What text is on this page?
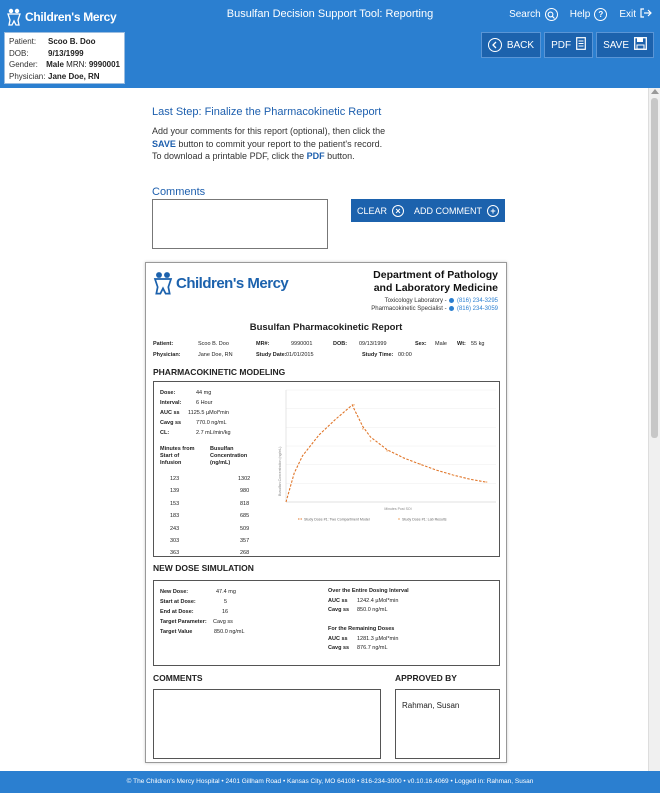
Children's Mercy	Busulfan Decision Support Tool: Reporting	Search	Help	?	Exit
Patient:	Scoo B. Doo
DOB:	9/13/1999
Gender:	Male
MRN:
9990001
Physician: Jane Doe, RN
BACK PDF	SAVE
Last Step: Finalize the Pharmacokinetic Report
Add your comments for this report (optional), then click the SAVE button to commit your report to the patient's record. To download a printable PDF, click the PDF button.
Comments
CLEAR ×	ADD COMMENT +
Children's Mercy	Department of Pathology
and Laboratory Medicine
Toxicology Laboratory - (816) 234-3295
Pharmacokinetic Specialist - (816) 234-3059
Busulfan Pharmacokinetic Report
Patient:	Scoo B. Doo	MR#:	9990001	DOB: 09/13/1999	Sex: Male Wt: 55 kg
Physician:	Jane Doe, RN	Study Date: 01/01/2015	Study Time: 00:00
PHARMACOKINETIC MODELING
Dose:	44 mg
Interval:	6 Hour
AUC ss 1125.5 µMol*min
Cavg ss	770.0 ng/mL
CL:	2.7 mL/min/kg
Minutes from Start of Infusion
Busulfan Concentration (ng/mL)
123	1302
139	980
153	818
183	685
243	509
303	357
363	268
Busulfan Concentration (ng/mL)
Minutes Post SOI
Study Dose #1: Two Compartment Model	Study Dose #1: Lab Results
NEW DOSE SIMULATION
New Dose:	47.4 mg
Start at Dose:	5
End at Dose:	16
Target Parameter: Cavg ss
Target Value	850.0 ng/mL
Over the Entire Dosing Interval
AUC ss 1242.4 µMol*min
Cavg ss 850.0 ng/mL
For the Remaining Doses
AUC ss 1281.3 µMol*min
Cavg ss 876.7 ng/mL
COMMENTS	APPROVED BY
Rahman, Susan
© The Children's Mercy Hospital • 2401 Gillham Road • Kansas City, MO 64108 • 816-234-3000 • v0.10.16.4069 • Logged in: Rahman, Susan
